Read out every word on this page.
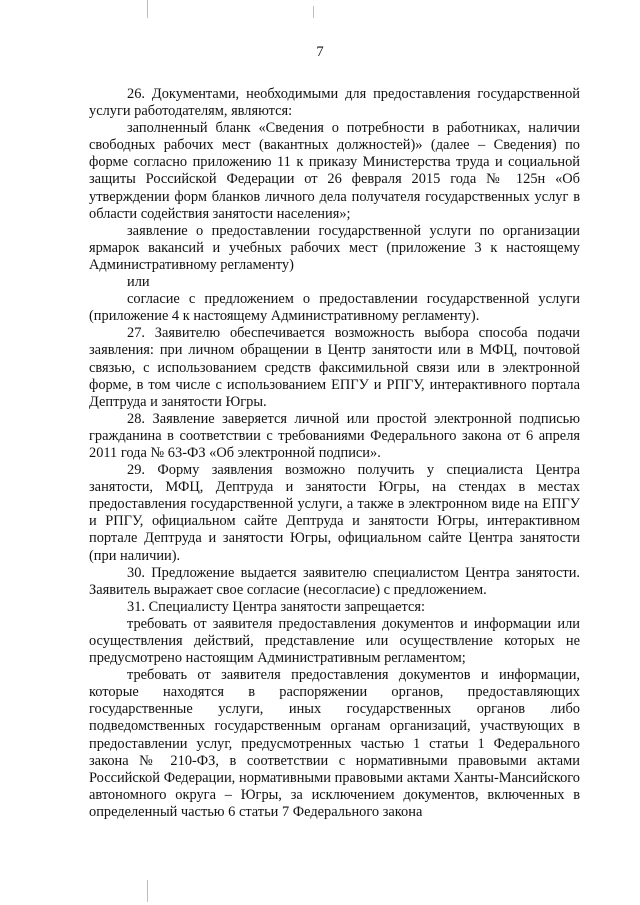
7

26. Документами, необходимыми для предоставления государственной услуги работодателям, являются:

заполненный бланк «Сведения о потребности в работниках, наличии свободных рабочих мест (вакантных должностей)» (далее – Сведения) по форме согласно приложению 11 к приказу Министерства труда и социальной защиты Российской Федерации от 26 февраля 2015 года № 125н «Об утверждении форм бланков личного дела получателя государственных услуг в области содействия занятости населения»;

заявление о предоставлении государственной услуги по организации ярмарок вакансий и учебных рабочих мест (приложение 3 к настоящему Административному регламенту)

или

согласие с предложением о предоставлении государственной услуги (приложение 4 к настоящему Административному регламенту).

27. Заявителю обеспечивается возможность выбора способа подачи заявления: при личном обращении в Центр занятости или в МФЦ, почтовой связью, с использованием средств факсимильной связи или в электронной форме, в том числе с использованием ЕПГУ и РПГУ, интерактивного портала Дептруда и занятости Югры.

28. Заявление заверяется личной или простой электронной подписью гражданина в соответствии с требованиями Федерального закона от 6 апреля 2011 года № 63-ФЗ «Об электронной подписи».

29. Форму заявления возможно получить у специалиста Центра занятости, МФЦ, Дептруда и занятости Югры, на стендах в местах предоставления государственной услуги, а также в электронном виде на ЕПГУ и РПГУ, официальном сайте Дептруда и занятости Югры, интерактивном портале Дептруда и занятости Югры, официальном сайте Центра занятости (при наличии).

30. Предложение выдается заявителю специалистом Центра занятости. Заявитель выражает свое согласие (несогласие) с предложением.

31. Специалисту Центра занятости запрещается:

требовать от заявителя предоставления документов и информации или осуществления действий, представление или осуществление которых не предусмотрено настоящим Административным регламентом;

требовать от заявителя предоставления документов и информации, которые находятся в распоряжении органов, предоставляющих государственные услуги, иных государственных органов либо подведомственных государственным органам организаций, участвующих в предоставлении услуг, предусмотренных частью 1 статьи 1 Федерального закона № 210-ФЗ, в соответствии с нормативными правовыми актами Российской Федерации, нормативными правовыми актами Ханты-Мансийского автономного округа – Югры, за исключением документов, включенных в определенный частью 6 статьи 7 Федерального закона
